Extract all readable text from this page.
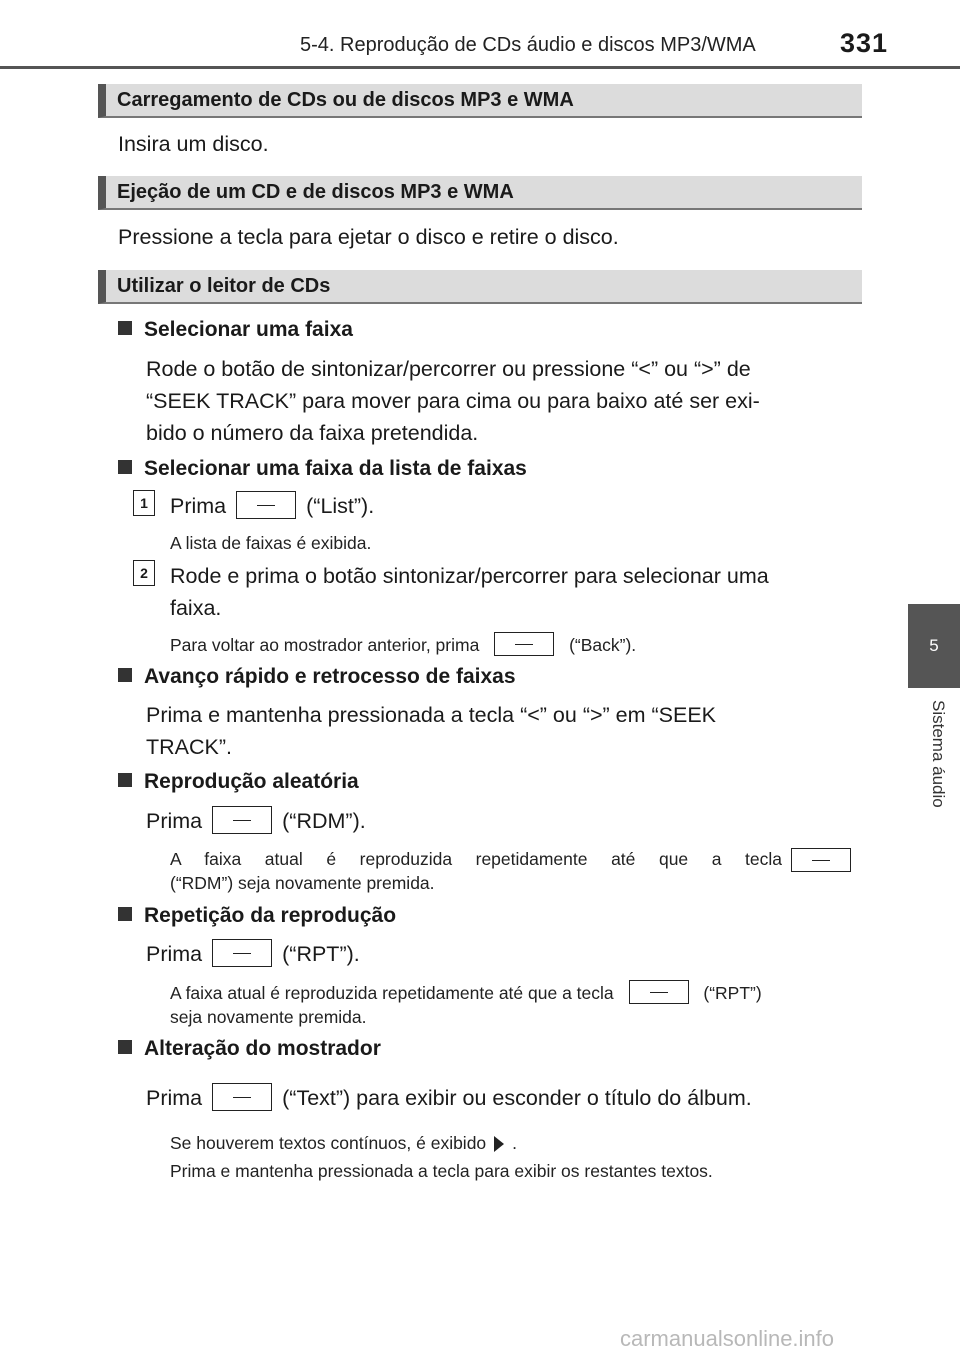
5-4. Reprodução de CDs áudio e discos MP3/WMA	331
5
Sistema áudio
Carregamento de CDs ou de discos MP3 e WMA
Insira um disco.
Ejeção de um CD e de discos MP3 e WMA
Pressione a tecla para ejetar o disco e retire o disco.
Utilizar o leitor de CDs
Selecionar uma faixa
Rode o botão de sintonizar/percorrer ou pressione “<” ou “>” de
“SEEK TRACK” para mover para cima ou para baixo até ser exi-
bido o número da faixa pretendida.
Selecionar uma faixa da lista de faixas
1	Prima	(“List”).
A lista de faixas é exibida.
2	Rode e prima o botão sintonizar/percorrer para selecionar uma
faixa.
Para voltar ao mostrador anterior, prima	(“Back”).
Avanço rápido e retrocesso de faixas
Prima e mantenha pressionada a tecla “<” ou “>” em “SEEK
TRACK”.
Reprodução aleatória
Prima	(“RDM”).
A faixa atual é reproduzida repetidamente até que a tecla
(“RDM”) seja novamente premida.
Repetição da reprodução
Prima	(“RPT”).
A faixa atual é reproduzida repetidamente até que a tecla	(“RPT”)
seja novamente premida.
Alteração do mostrador
Prima	(“Text”) para exibir ou esconder o título do álbum.
Se houverem textos contínuos, é exibido .
Prima e mantenha pressionada a tecla para exibir os restantes textos.
carmanualsonline.info
